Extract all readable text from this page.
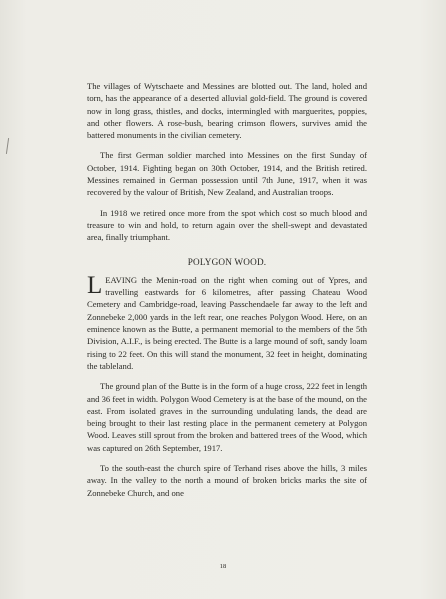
The villages of Wytschaete and Messines are blotted out. The land, holed and torn, has the appearance of a deserted alluvial gold-field. The ground is covered now in long grass, thistles, and docks, intermingled with marguerites, poppies, and other flowers. A rose-bush, bearing crimson flowers, survives amid the battered monuments in the civilian cemetery.

The first German soldier marched into Messines on the first Sunday of October, 1914. Fighting began on 30th October, 1914, and the British retired. Messines remained in German possession until 7th June, 1917, when it was recovered by the valour of British, New Zealand, and Australian troops.

In 1918 we retired once more from the spot which cost so much blood and treasure to win and hold, to return again over the shell-swept and devastated area, finally triumphant.

POLYGON WOOD.

LEAVING the Menin-road on the right when coming out of Ypres, and travelling eastwards for 6 kilometres, after passing Chateau Wood Cemetery and Cambridge-road, leaving Passchendaele far away to the left and Zonnebeke 2,000 yards in the left rear, one reaches Polygon Wood. Here, on an eminence known as the Butte, a permanent memorial to the members of the 5th Division, A.I.F., is being erected. The Butte is a large mound of soft, sandy loam rising to 22 feet. On this will stand the monument, 32 feet in height, dominating the tableland.

The ground plan of the Butte is in the form of a huge cross, 222 feet in length and 36 feet in width. Polygon Wood Cemetery is at the base of the mound, on the east. From isolated graves in the surrounding undulating lands, the dead are being brought to their last resting place in the permanent cemetery at Polygon Wood. Leaves still sprout from the broken and battered trees of the Wood, which was captured on 26th September, 1917.

To the south-east the church spire of Terhand rises above the hills, 3 miles away. In the valley to the north a mound of broken bricks marks the site of Zonnebeke Church, and one

18
